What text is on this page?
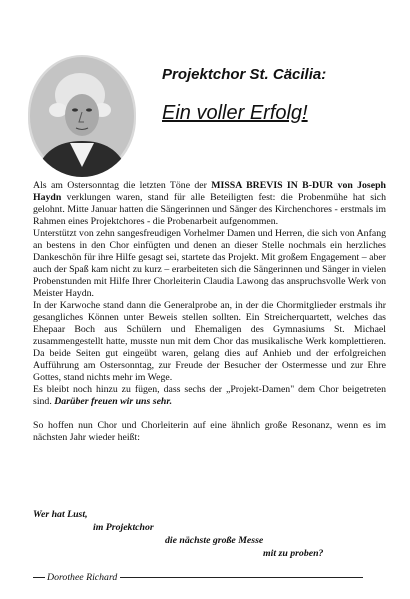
Projektchor St. Cäcilia:
Ein voller Erfolg!

Als am Ostersonntag die letzten Töne der MISSA BREVIS IN B-DUR von Joseph Haydn verklungen waren, stand für alle Beteiligten fest: die Probenmühe hat sich gelohnt. Mitte Januar hatten die Sängerinnen und Sänger des Kirchenchores - erstmals im Rahmen eines Projektchores - die Probenarbeit aufgenommen.

Unterstützt von zehn sangesfreudigen Vorhelmer Damen und Herren, die sich von Anfang an bestens in den Chor einfügten und denen an dieser Stelle nochmals ein herzliches Dankeschön für ihre Hilfe gesagt sei, startete das Projekt. Mit großem Engagement – aber auch der Spaß kam nicht zu kurz – erarbeiteten sich die Sängerinnen und Sänger in vielen Probenstunden mit Hilfe Ihrer Chorleiterin Claudia Lawong das anspruchsvolle Werk von Meister Haydn.

In der Karwoche stand dann die Generalprobe an, in der die Chormitglieder erstmals ihr gesangliches Können unter Beweis stellen sollten. Ein Streicherquartett, welches das Ehepaar Boch aus Schülern und Ehemaligen des Gymnasiums St. Michael zusammengestellt hatte, musste nun mit dem Chor das musikalische Werk komplettieren. Da beide Seiten gut eingeübt waren, gelang dies auf Anhieb und der erfolgreichen Aufführung am Ostersonntag, zur Freude der Besucher der Ostermesse und zur Ehre Gottes, stand nichts mehr im Wege.

Es bleibt noch hinzu zu fügen, dass sechs der „Projekt-Damen" dem Chor beigetreten sind. Darüber freuen wir uns sehr.

So hoffen nun Chor und Chorleiterin auf eine ähnlich große Resonanz, wenn es im nächsten Jahr wieder heißt:

Wer hat Lust,
im Projektchor
die nächste große Messe
mit zu proben?
Dorothee Richard
